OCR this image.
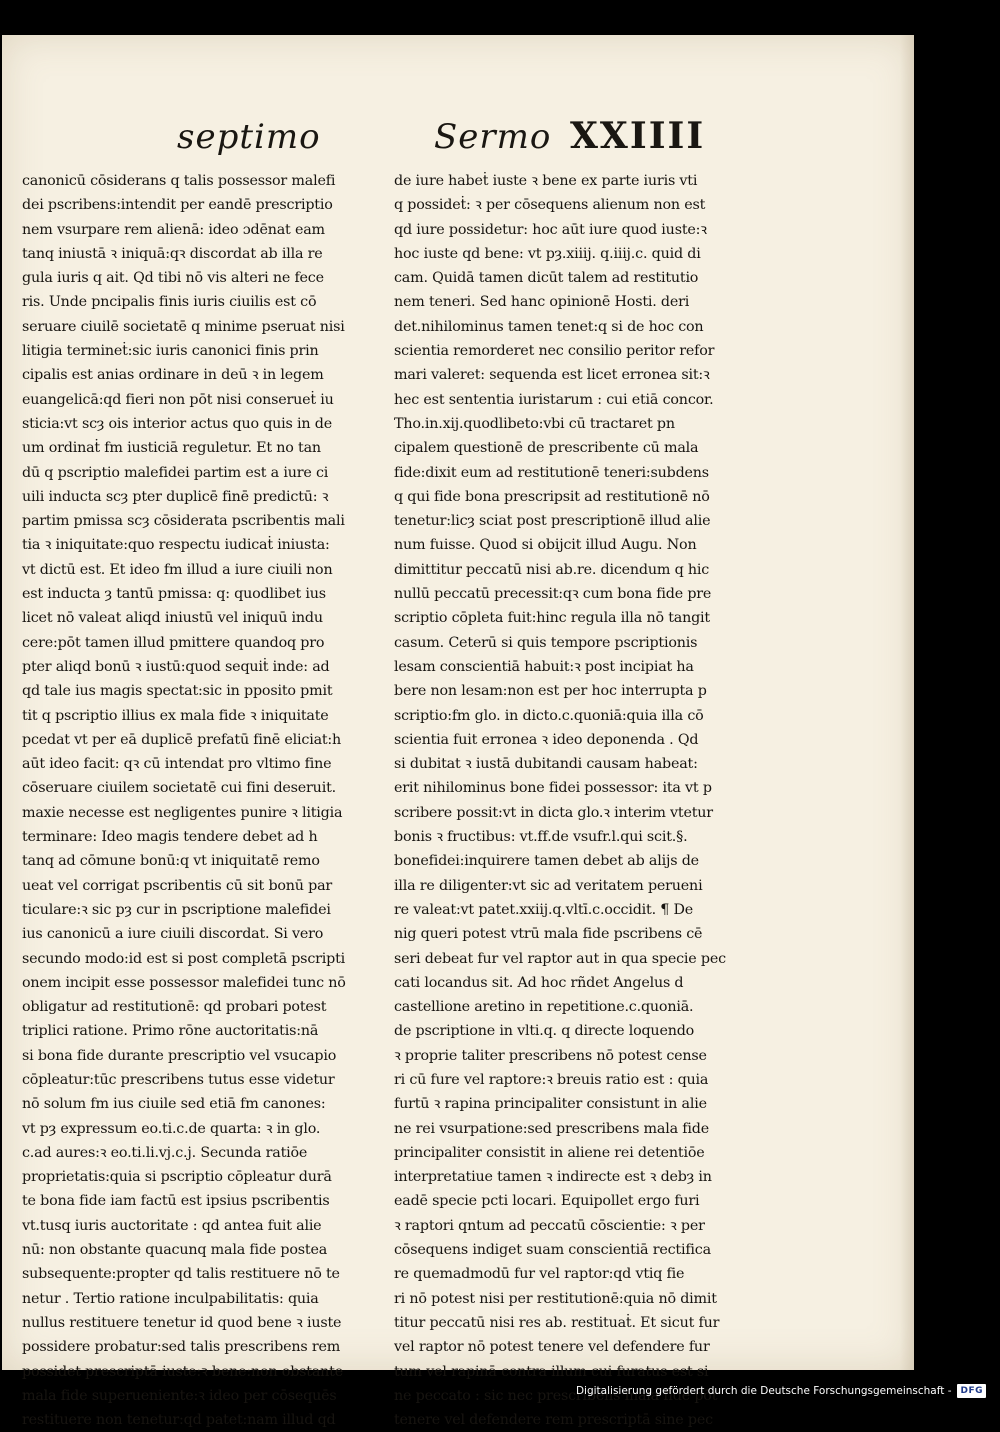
septimo	Sermo XXIIII
canonicū cōsiderans q talis possessor malefi
dei pscribens:intendit per eandē prescriptio
nem vsurpare rem alienā: ideo ɔdēnat eam
tanq iniustā ꝛ iniquā:qꝛ discordat ab illa re
gula iuris q ait. Qd tibi nō vis alteri ne fece
ris. Unde pncipalis finis iuris ciuilis est cō
seruare ciuilē societatē q minime pseruat nisi
litigia termineṫ:sic iuris canonici finis prin
cipalis est anias ordinare in deū ꝛ in legem
euangelicā:qd fieri non pōt nisi conserueṫ iu
sticia:vt scȝ ois interior actus quo quis in de
um ordinaṫ fm iusticiā reguletur. Et no tan
dū q pscriptio malefidei partim est a iure ci
uili inducta scȝ pter duplicē finē predictū: ꝛ
partim pmissa scȝ cōsiderata pscribentis mali
tia ꝛ iniquitate:quo respectu iudicaṫ iniusta:
vt dictū est. Et ideo fm illud a iure ciuili non
est inducta ȝ tantū pmissa: q: quodlibet ius
licet nō valeat aliqd iniustū vel iniquū indu
cere:pōt tamen illud pmittere quandoq pro
pter aliqd bonū ꝛ iustū:quod sequiṫ inde: ad
qd tale ius magis spectat:sic in pposito pmit
tit q pscriptio illius ex mala fide ꝛ iniquitate
pcedat vt per eā duplicē prefatū finē eliciat:h
aūt ideo facit: qꝛ cū intendat pro vltimo fine
cōseruare ciuilem societatē cui fini deseruit.
maxie necesse est negligentes punire ꝛ litigia
terminare: Ideo magis tendere debet ad h
tanq ad cōmune bonū:q vt iniquitatē remo
ueat vel corrigat pscribentis cū sit bonū par
ticulare:ꝛ sic pȝ cur in pscriptione malefidei
ius canonicū a iure ciuili discordat. Si vero
secundo modo:id est si post completā pscripti
onem incipit esse possessor malefidei tunc nō
obligatur ad restitutionē: qd probari potest
triplici ratione. Primo rōne auctoritatis:nā
si bona fide durante prescriptio vel vsucapio
cōpleatur:tūc prescribens tutus esse videtur
nō solum fm ius ciuile sed etiā fm canones:
vt pȝ expressum eo.ti.c.de quarta: ꝛ in glo.
c.ad aures:ꝛ eo.ti.li.vj.c.j. Secunda ratiōe
proprietatis:quia si pscriptio cōpleatur durā
te bona fide iam factū est ipsius pscribentis
vt.tusq iuris auctoritate : qd antea fuit alie
nū: non obstante quacunq mala fide postea
subsequente:propter qd talis restituere nō te
netur . Tertio ratione inculpabilitatis: quia
nullus restituere tenetur id quod bene ꝛ iuste
possidere probatur:sed talis prescribens rem
possidet prescriptā iuste:ꝛ bene:non obstante
mala fide superueniente:ꝛ ideo per cōsequēs
restituere non tenetur:qd patet:nam illud qd
de iure habeṫ iuste ꝛ bene ex parte iuris vti
q possideṫ: ꝛ per cōsequens alienum non est
qd iure possidetur: hoc aūt iure quod iuste:ꝛ
hoc iuste qd bene: vt pȝ.xiiij. q.iiij.c. quid di
cam. Quidā tamen dicūt talem ad restitutio
nem teneri. Sed hanc opinionē Hosti. deri
det.nihilominus tamen tenet:q si de hoc con
scientia remorderet nec consilio peritor refor
mari valeret: sequenda est licet erronea sit:ꝛ
hec est sententia iuristarum : cui etiā concor.
Tho.in.xij.quodlibeto:vbi cū tractaret pn
cipalem questionē de prescribente cū mala
fide:dixit eum ad restitutionē teneri:subdens
q qui fide bona prescripsit ad restitutionē nō
tenetur:licȝ sciat post prescriptionē illud alie
num fuisse. Quod si obijcit illud Augu. Non
dimittitur peccatū nisi ab.re. dicendum q hic
nullū peccatū precessit:qꝛ cum bona fide pre
scriptio cōpleta fuit:hinc regula illa nō tangit
casum. Ceterū si quis tempore pscriptionis
lesam conscientiā habuit:ꝛ post incipiat ha
bere non lesam:non est per hoc interrupta p
scriptio:fm glo. in dicto.c.quoniā:quia illa cō
scientia fuit erronea ꝛ ideo deponenda . Qd
si dubitat ꝛ iustā dubitandi causam habeat:
erit nihilominus bone fidei possessor: ita vt p
scribere possit:vt in dicta glo.ꝛ interim vtetur
bonis ꝛ fructibus: vt.ff.de vsufr.l.qui scit.§.
bonefidei:inquirere tamen debet ab alijs de
illa re diligenter:vt sic ad veritatem perueni
re valeat:vt patet.xxiij.q.vltī.c.occidit. ¶ De
nig queri potest vtrū mala fide pscribens cē
seri debeat fur vel raptor aut in qua specie pec
cati locandus sit. Ad hoc rñdet Angelus d
castellione aretino in repetitione.c.quoniā.
de pscriptione in vlti.q. q directe loquendo
ꝛ proprie taliter prescribens nō potest cense
ri cū fure vel raptore:ꝛ breuis ratio est : quia
furtū ꝛ rapina principaliter consistunt in alie
ne rei vsurpatione:sed prescribens mala fide
principaliter consistit in aliene rei detentiōe
interpretatiue tamen ꝛ indirecte est ꝛ debȝ in
eadē specie pcti locari. Equipollet ergo furi
ꝛ raptori qntum ad peccatū cōscientie: ꝛ per
cōsequens indiget suam conscientiā rectifica
re quemadmodū fur vel raptor:qd vtiq fie
ri nō potest nisi per restitutionē:quia nō dimit
titur peccatū nisi res ab. restituaṫ. Et sicut fur
vel raptor nō potest tenere vel defendere fur
tum vel rapinā contra illum cui furatus est si
ne peccato : sic nec prescribens mala fide pōt
tenere vel defendere rem prescriptā sine pec
Digitalisierung gefördert durch die Deutsche Forschungsgemeinschaft -	DFG
